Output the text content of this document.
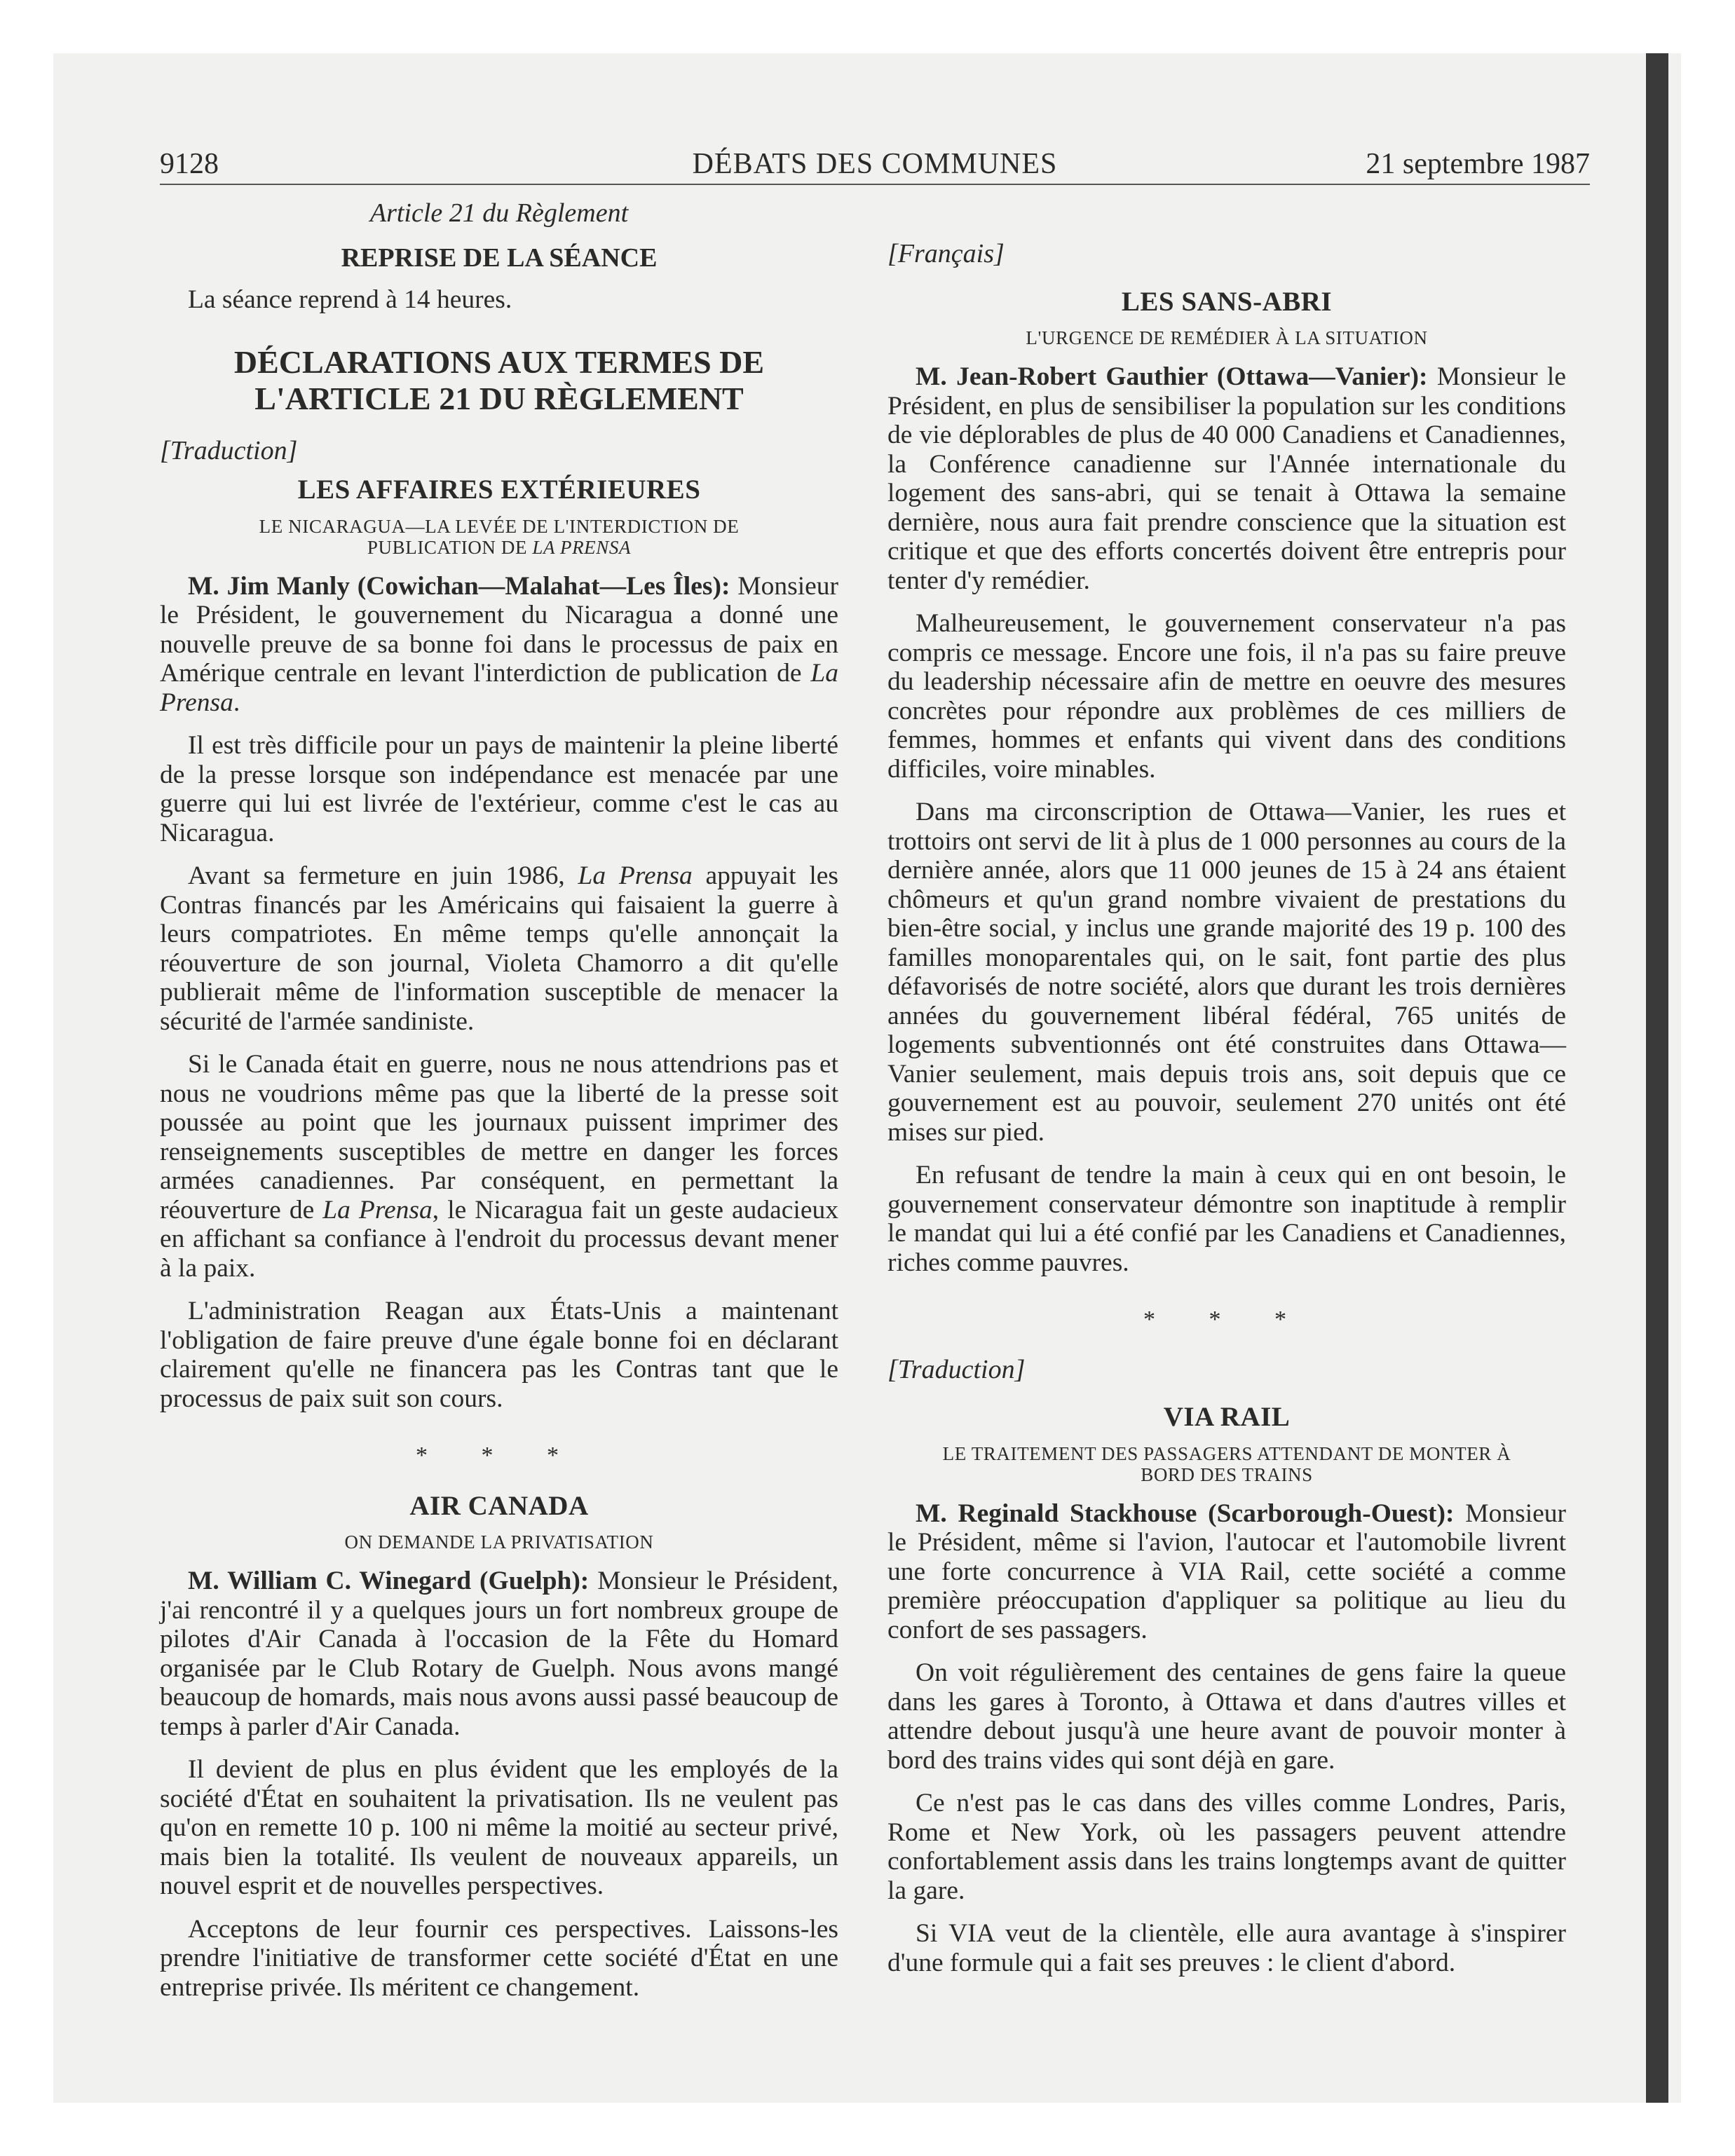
9128	DÉBATS DES COMMUNES	21 septembre 1987
Article 21 du Règlement
REPRISE DE LA SÉANCE
La séance reprend à 14 heures.
DÉCLARATIONS AUX TERMES DE
L'ARTICLE 21 DU RÈGLEMENT
[Traduction]
LES AFFAIRES EXTÉRIEURES
LE NICARAGUA—LA LEVÉE DE L'INTERDICTION DE
PUBLICATION DE LA PRENSA

M. Jim Manly (Cowichan—Malahat—Les Îles): Monsieur le Président, le gouvernement du Nicaragua a donné une nouvelle preuve de sa bonne foi dans le processus de paix en Amérique centrale en levant l'interdiction de publication de La Prensa.

Il est très difficile pour un pays de maintenir la pleine liberté de la presse lorsque son indépendance est menacée par une guerre qui lui est livrée de l'extérieur, comme c'est le cas au Nicaragua.

Avant sa fermeture en juin 1986, La Prensa appuyait les Contras financés par les Américains qui faisaient la guerre à leurs compatriotes. En même temps qu'elle annonçait la réouverture de son journal, Violeta Chamorro a dit qu'elle publierait même de l'information susceptible de menacer la sécurité de l'armée sandiniste.

Si le Canada était en guerre, nous ne nous attendrions pas et nous ne voudrions même pas que la liberté de la presse soit poussée au point que les journaux puissent imprimer des renseignements susceptibles de mettre en danger les forces armées canadiennes. Par conséquent, en permettant la réouverture de La Prensa, le Nicaragua fait un geste audacieux en affichant sa confiance à l'endroit du processus devant mener à la paix.

L'administration Reagan aux États-Unis a maintenant l'obligation de faire preuve d'une égale bonne foi en déclarant clairement qu'elle ne financera pas les Contras tant que le processus de paix suit son cours.

* * *
AIR CANADA
ON DEMANDE LA PRIVATISATION

M. William C. Winegard (Guelph): Monsieur le Président, j'ai rencontré il y a quelques jours un fort nombreux groupe de pilotes d'Air Canada à l'occasion de la Fête du Homard organisée par le Club Rotary de Guelph. Nous avons mangé beaucoup de homards, mais nous avons aussi passé beaucoup de temps à parler d'Air Canada.

Il devient de plus en plus évident que les employés de la société d'État en souhaitent la privatisation. Ils ne veulent pas qu'on en remette 10 p. 100 ni même la moitié au secteur privé, mais bien la totalité. Ils veulent de nouveaux appareils, un nouvel esprit et de nouvelles perspectives.

Acceptons de leur fournir ces perspectives. Laissons-les prendre l'initiative de transformer cette société d'État en une entreprise privée. Ils méritent ce changement.

[Français]
LES SANS-ABRI
L'URGENCE DE REMÉDIER À LA SITUATION

M. Jean-Robert Gauthier (Ottawa—Vanier): Monsieur le Président, en plus de sensibiliser la population sur les conditions de vie déplorables de plus de 40 000 Canadiens et Canadiennes, la Conférence canadienne sur l'Année internationale du logement des sans-abri, qui se tenait à Ottawa la semaine dernière, nous aura fait prendre conscience que la situation est critique et que des efforts concertés doivent être entrepris pour tenter d'y remédier.

Malheureusement, le gouvernement conservateur n'a pas compris ce message. Encore une fois, il n'a pas su faire preuve du leadership nécessaire afin de mettre en oeuvre des mesures concrètes pour répondre aux problèmes de ces milliers de femmes, hommes et enfants qui vivent dans des conditions difficiles, voire minables.

Dans ma circonscription de Ottawa—Vanier, les rues et trottoirs ont servi de lit à plus de 1 000 personnes au cours de la dernière année, alors que 11 000 jeunes de 15 à 24 ans étaient chômeurs et qu'un grand nombre vivaient de prestations du bien-être social, y inclus une grande majorité des 19 p. 100 des familles monoparentales qui, on le sait, font partie des plus défavorisés de notre société, alors que durant les trois dernières années du gouvernement libéral fédéral, 765 unités de logements subventionnés ont été construites dans Ottawa—Vanier seulement, mais depuis trois ans, soit depuis que ce gouvernement est au pouvoir, seulement 270 unités ont été mises sur pied.

En refusant de tendre la main à ceux qui en ont besoin, le gouvernement conservateur démontre son inaptitude à remplir le mandat qui lui a été confié par les Canadiens et Canadiennes, riches comme pauvres.

* * *
[Traduction]
VIA RAIL
LE TRAITEMENT DES PASSAGERS ATTENDANT DE MONTER À
BORD DES TRAINS

M. Reginald Stackhouse (Scarborough-Ouest): Monsieur le Président, même si l'avion, l'autocar et l'automobile livrent une forte concurrence à VIA Rail, cette société a comme première préoccupation d'appliquer sa politique au lieu du confort de ses passagers.

On voit régulièrement des centaines de gens faire la queue dans les gares à Toronto, à Ottawa et dans d'autres villes et attendre debout jusqu'à une heure avant de pouvoir monter à bord des trains vides qui sont déjà en gare.

Ce n'est pas le cas dans des villes comme Londres, Paris, Rome et New York, où les passagers peuvent attendre confortablement assis dans les trains longtemps avant de quitter la gare.

Si VIA veut de la clientèle, elle aura avantage à s'inspirer d'une formule qui a fait ses preuves : le client d'abord.
